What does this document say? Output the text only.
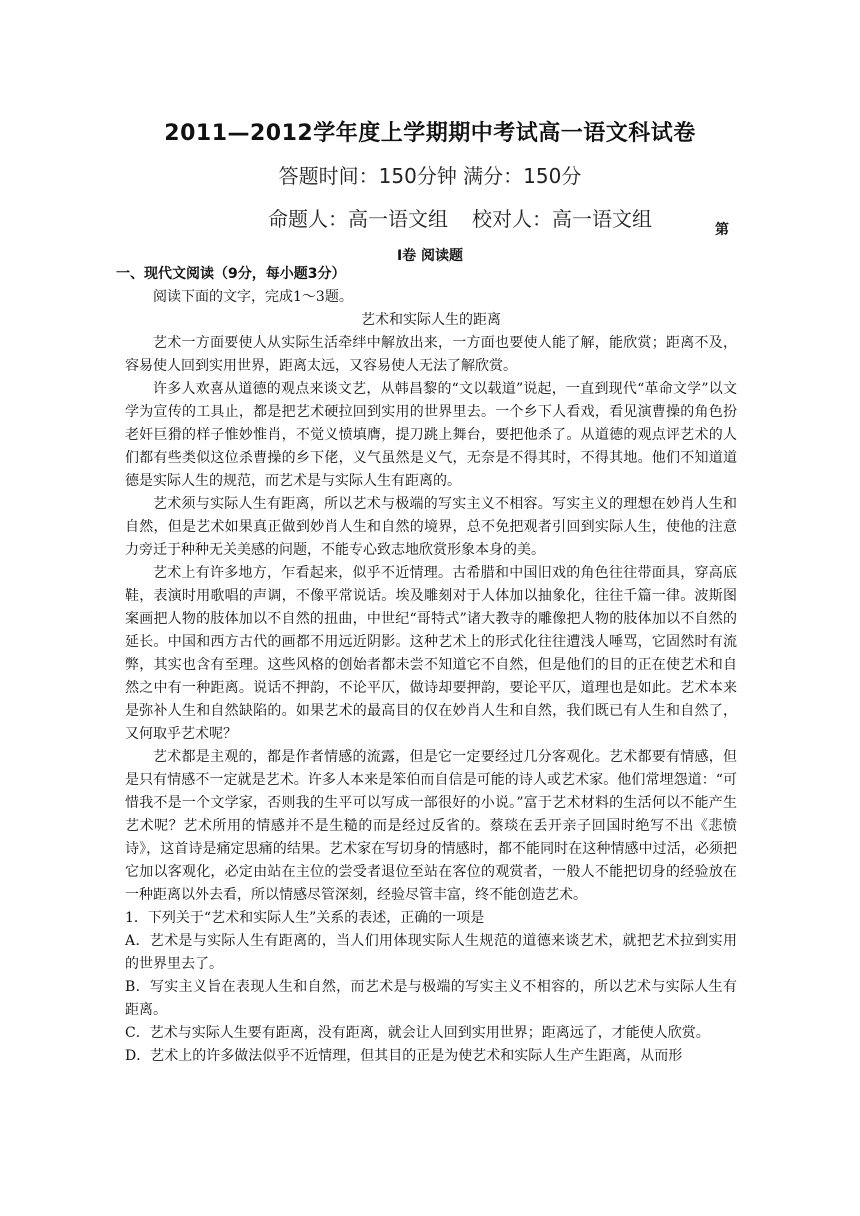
2011—2012学年度上学期期中考试高一语文科试卷
答题时间：150分钟 满分：150分
命题人：高一语文组 校对人：高一语文组	第
Ⅰ卷 阅读题

一、现代文阅读（9分，每小题3分）

阅读下面的文字，完成1～3题。

艺术和实际人生的距离

艺术一方面要使人从实际生活牵绊中解放出来，一方面也要使人能了解，能欣赏；距离不及，容易使人回到实用世界，距离太远，又容易使人无法了解欣赏。

许多人欢喜从道德的观点来谈文艺，从韩昌黎的“文以载道”说起，一直到现代“革命文学”以文学为宣传的工具止，都是把艺术硬拉回到实用的世界里去。一个乡下人看戏，看见演曹操的角色扮老奸巨猾的样子惟妙惟肖，不觉义愤填膺，提刀跳上舞台，要把他杀了。从道德的观点评艺术的人们都有些类似这位杀曹操的乡下佬，义气虽然是义气，无奈是不得其时，不得其地。他们不知道道德是实际人生的规范，而艺术是与实际人生有距离的。

艺术须与实际人生有距离，所以艺术与极端的写实主义不相容。写实主义的理想在妙肖人生和自然，但是艺术如果真正做到妙肖人生和自然的境界，总不免把观者引回到实际人生，使他的注意力旁迁于种种无关美感的问题，不能专心致志地欣赏形象本身的美。

艺术上有许多地方，乍看起来，似乎不近情理。古希腊和中国旧戏的角色往往带面具，穿高底鞋，表演时用歌唱的声调，不像平常说话。埃及雕刻对于人体加以抽象化，往往千篇一律。波斯图案画把人物的肢体加以不自然的扭曲，中世纪“哥特式”诸大教寺的雕像把人物的肢体加以不自然的延长。中国和西方古代的画都不用远近阴影。这种艺术上的形式化往往遭浅人唾骂，它固然时有流弊，其实也含有至理。这些风格的创始者都未尝不知道它不自然，但是他们的目的正在使艺术和自然之中有一种距离。说话不押韵，不论平仄，做诗却要押韵，要论平仄，道理也是如此。艺术本来是弥补人生和自然缺陷的。如果艺术的最高目的仅在妙肖人生和自然，我们既已有人生和自然了，又何取乎艺术呢？

艺术都是主观的，都是作者情感的流露，但是它一定要经过几分客观化。艺术都要有情感，但是只有情感不一定就是艺术。许多人本来是笨伯而自信是可能的诗人或艺术家。他们常埋怨道：“可惜我不是一个文学家，否则我的生平可以写成一部很好的小说。”富于艺术材料的生活何以不能产生艺术呢？艺术所用的情感并不是生糙的而是经过反省的。蔡琰在丢开亲子回国时绝写不出《悲愤诗》，这首诗是痛定思痛的结果。艺术家在写切身的情感时，都不能同时在这种情感中过活，必须把它加以客观化，必定由站在主位的尝受者退位至站在客位的观赏者，一般人不能把切身的经验放在一种距离以外去看，所以情感尽管深刻，经验尽管丰富，终不能创造艺术。

1．下列关于“艺术和实际人生”关系的表述，正确的一项是

A．艺术是与实际人生有距离的，当人们用体现实际人生规范的道德来谈艺术，就把艺术拉到实用的世界里去了。

B．写实主义旨在表现人生和自然，而艺术是与极端的写实主义不相容的，所以艺术与实际人生有距离。

C．艺术与实际人生要有距离，没有距离，就会让人回到实用世界；距离远了，才能使人欣赏。

D．艺术上的许多做法似乎不近情理，但其目的正是为使艺术和实际人生产生距离，从而形
